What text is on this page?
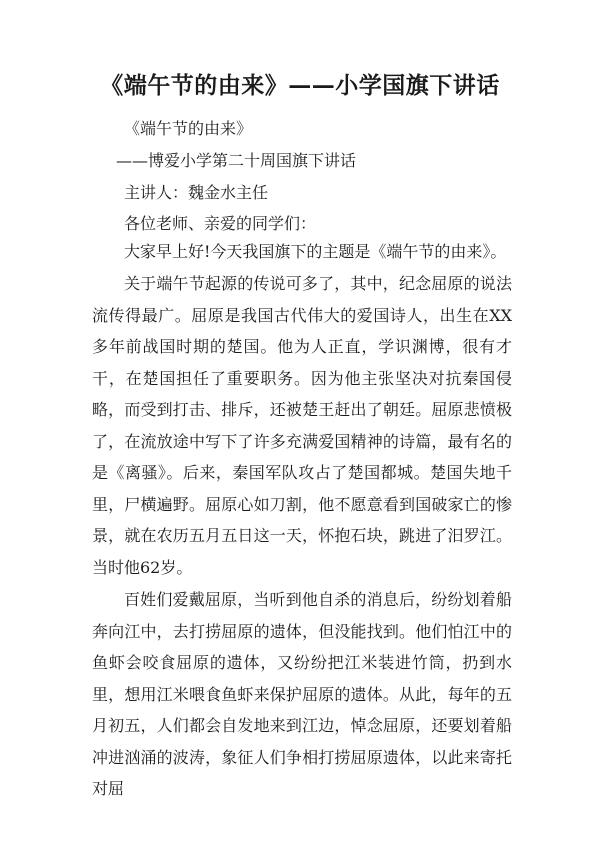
《端午节的由来》——小学国旗下讲话
《端午节的由来》
——博爱小学第二十周国旗下讲话
主讲人：魏金水主任
各位老师、亲爱的同学们：

大家早上好!今天我国旗下的主题是《端午节的由来》。

关于端午节起源的传说可多了，其中，纪念屈原的说法流传得最广。屈原是我国古代伟大的爱国诗人，出生在XX多年前战国时期的楚国。他为人正直，学识渊博，很有才干，在楚国担任了重要职务。因为他主张坚决对抗秦国侵略，而受到打击、排斥，还被楚王赶出了朝廷。屈原悲愤极了，在流放途中写下了许多充满爱国精神的诗篇，最有名的是《离骚》。后来，秦国军队攻占了楚国都城。楚国失地千里，尸横遍野。屈原心如刀割，他不愿意看到国破家亡的惨景，就在农历五月五日这一天，怀抱石块，跳进了汨罗江。当时他62岁。

百姓们爱戴屈原，当听到他自杀的消息后，纷纷划着船奔向江中，去打捞屈原的遗体，但没能找到。他们怕江中的鱼虾会咬食屈原的遗体，又纷纷把江米装进竹筒，扔到水里，想用江米喂食鱼虾来保护屈原的遗体。从此，每年的五月初五，人们都会自发地来到江边，悼念屈原，还要划着船冲进汹涌的波涛，象征人们争相打捞屈原遗体，以此来寄托对屈
